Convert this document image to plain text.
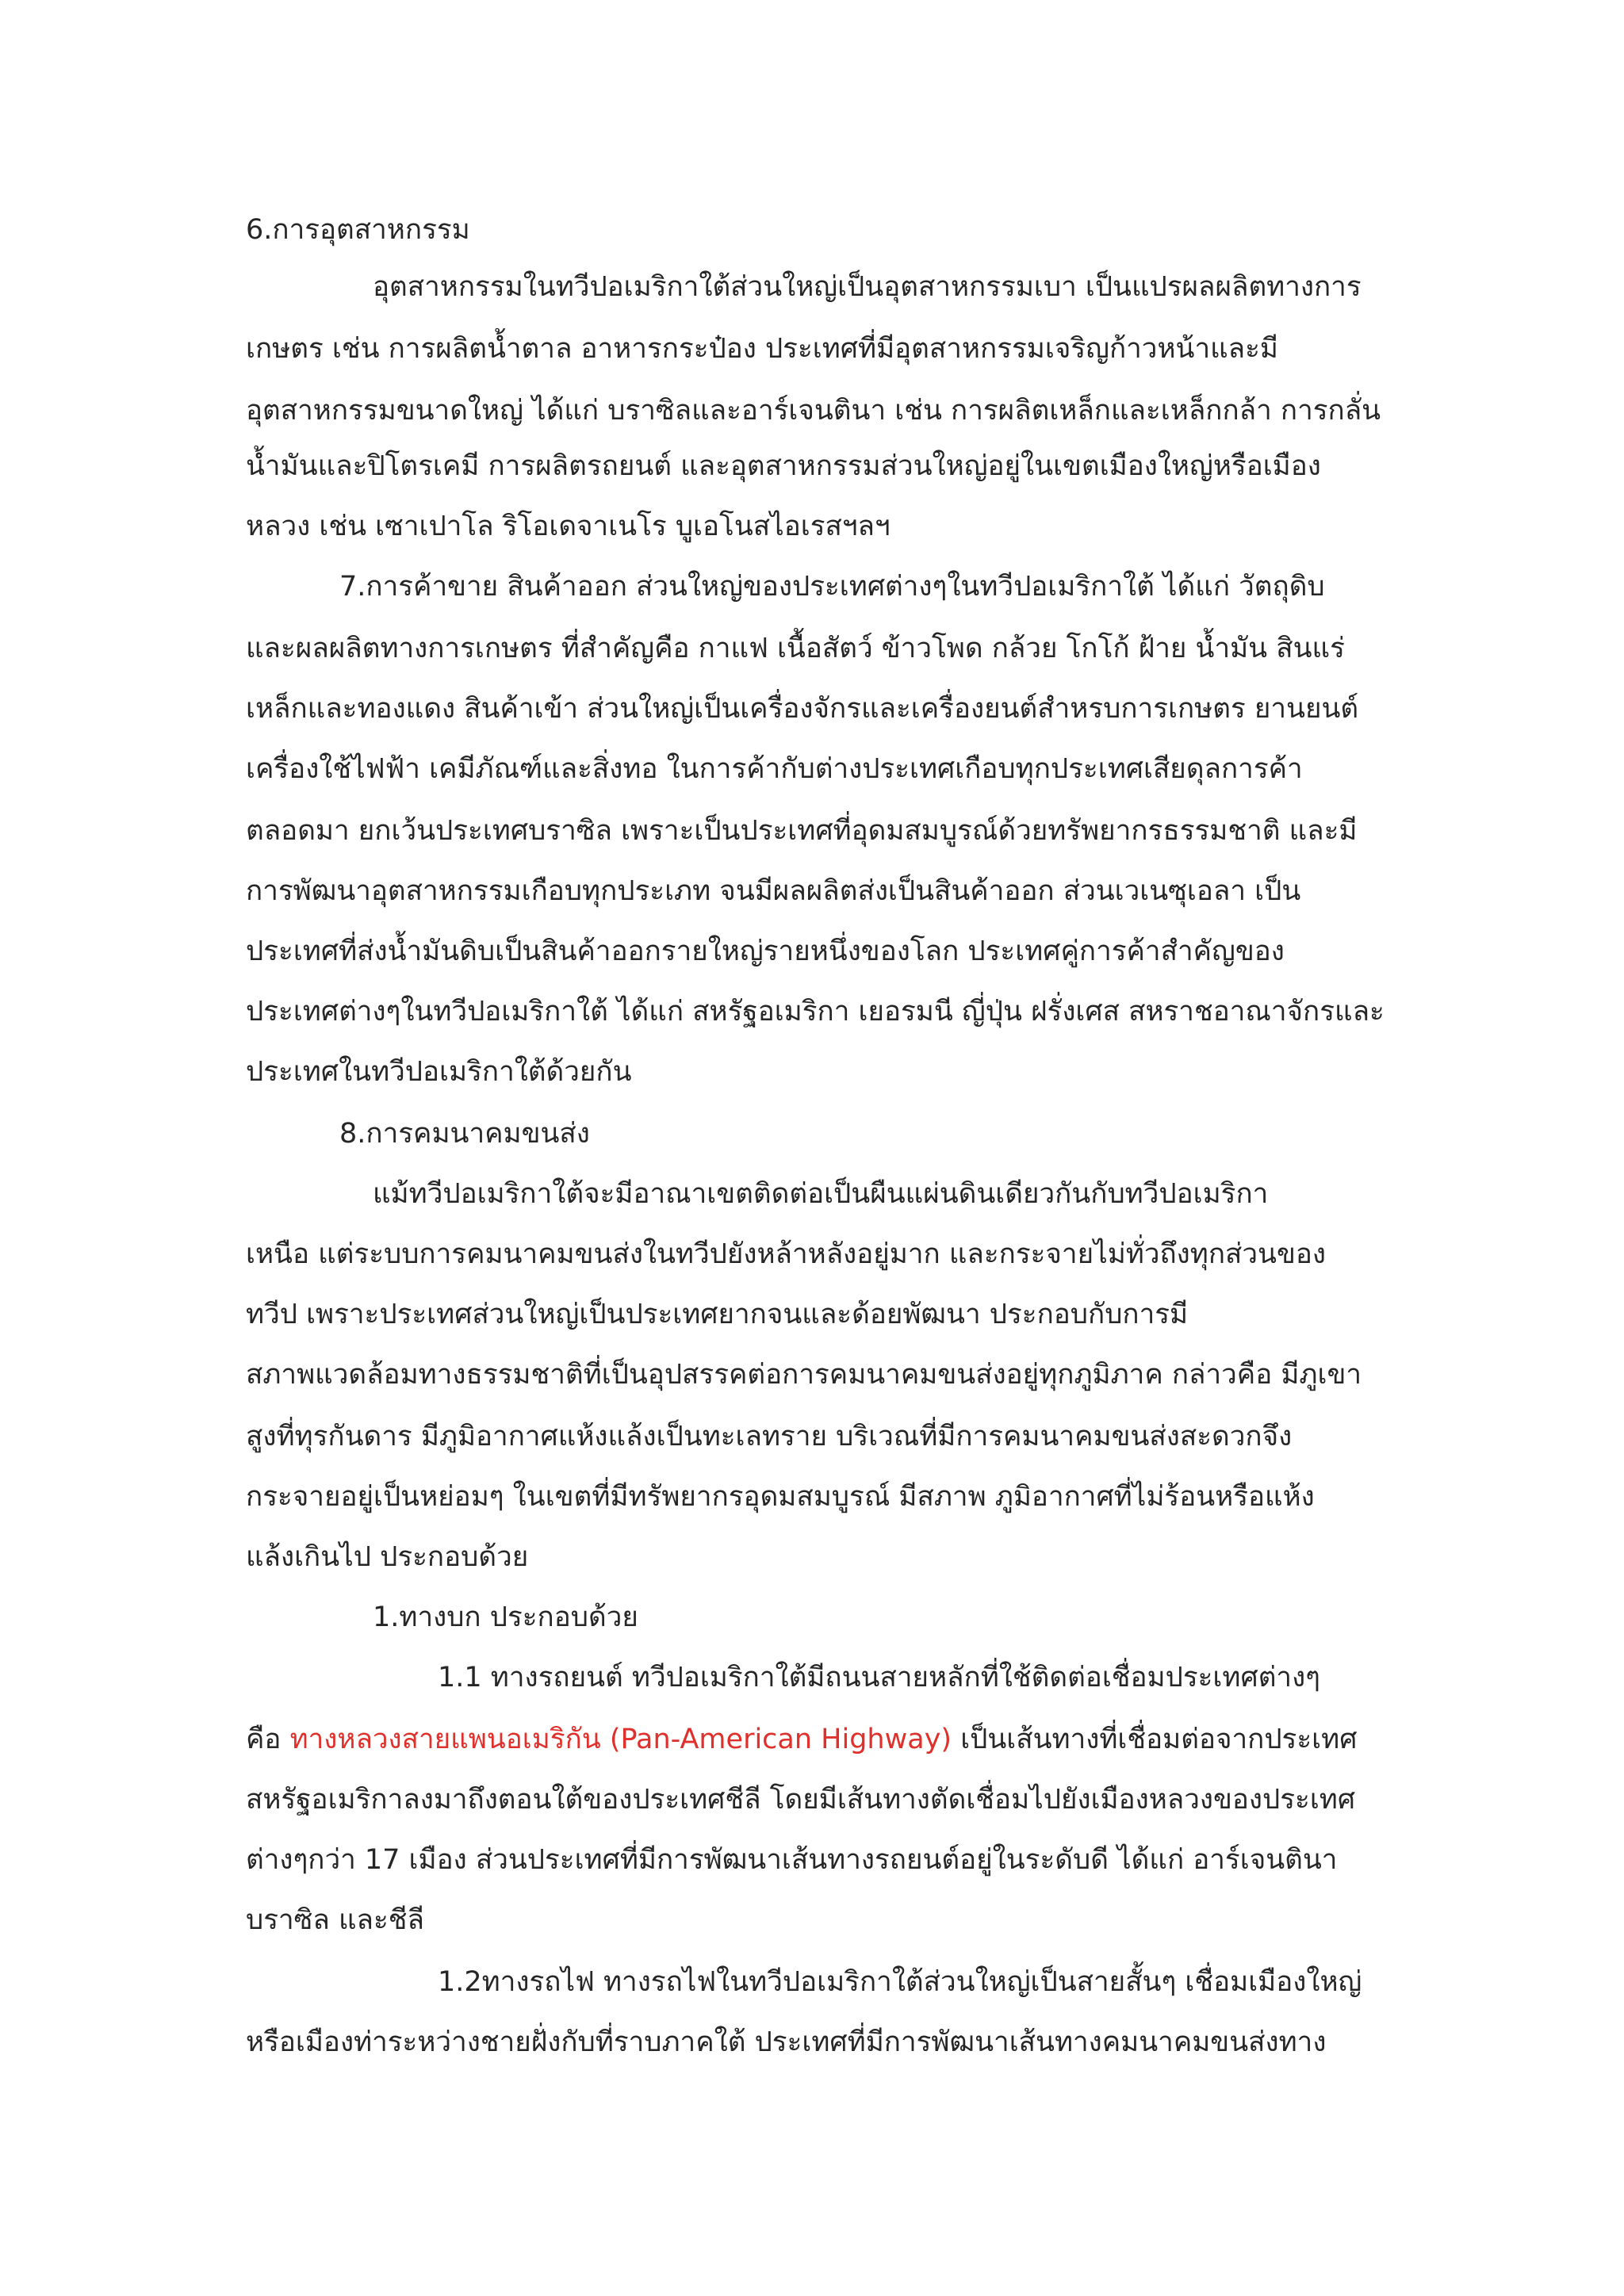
6.การอุตสาหกรรม
อุตสาหกรรมในทวีปอเมริกาใต้ส่วนใหญ่เป็นอุตสาหกรรมเบา เป็นแปรผลผลิตทางการ
เกษตร เช่น การผลิตน้ำตาล อาหารกระป๋อง ประเทศที่มีอุตสาหกรรมเจริญก้าวหน้าและมี
อุตสาหกรรมขนาดใหญ่ ได้แก่ บราซิลและอาร์เจนตินา เช่น การผลิตเหล็กและเหล็กกล้า การกลั่น
น้ำมันและปิโตรเคมี การผลิตรถยนต์ และอุตสาหกรรมส่วนใหญ่อยู่ในเขตเมืองใหญ่หรือเมือง
หลวง เช่น เซาเปาโล ริโอเดจาเนโร บูเอโนสไอเรสฯลฯ
7.การค้าขาย สินค้าออก ส่วนใหญ่ของประเทศต่างๆในทวีปอเมริกาใต้ ได้แก่ วัตถุดิบ
และผลผลิตทางการเกษตร ที่สำคัญคือ กาแฟ เนื้อสัตว์ ข้าวโพด กล้วย โกโก้ ฝ้าย น้ำมัน สินแร่
เหล็กและทองแดง สินค้าเข้า ส่วนใหญ่เป็นเครื่องจักรและเครื่องยนต์สำหรบการเกษตร ยานยนต์
เครื่องใช้ไฟฟ้า เคมีภัณฑ์และสิ่งทอ ในการค้ากับต่างประเทศเกือบทุกประเทศเสียดุลการค้า
ตลอดมา ยกเว้นประเทศบราซิล เพราะเป็นประเทศที่อุดมสมบูรณ์ด้วยทรัพยากรธรรมชาติ และมี
การพัฒนาอุตสาหกรรมเกือบทุกประเภท จนมีผลผลิตส่งเป็นสินค้าออก ส่วนเวเนซุเอลา เป็น
ประเทศที่ส่งน้ำมันดิบเป็นสินค้าออกรายใหญ่รายหนึ่งของโลก ประเทศคู่การค้าสำคัญของ
ประเทศต่างๆในทวีปอเมริกาใต้ ได้แก่ สหรัฐอเมริกา เยอรมนี ญี่ปุ่น ฝรั่งเศส สหราชอาณาจักรและ
ประเทศในทวีปอเมริกาใต้ด้วยกัน
8.การคมนาคมขนส่ง
แม้ทวีปอเมริกาใต้จะมีอาณาเขตติดต่อเป็นผืนแผ่นดินเดียวกันกับทวีปอเมริกา
เหนือ แต่ระบบการคมนาคมขนส่งในทวีปยังหล้าหลังอยู่มาก และกระจายไม่ทั่วถึงทุกส่วนของ
ทวีป เพราะประเทศส่วนใหญ่เป็นประเทศยากจนและด้อยพัฒนา ประกอบกับการมี
สภาพแวดล้อมทางธรรมชาติที่เป็นอุปสรรคต่อการคมนาคมขนส่งอยู่ทุกภูมิภาค กล่าวคือ มีภูเขา
สูงที่ทุรกันดาร มีภูมิอากาศแห้งแล้งเป็นทะเลทราย บริเวณที่มีการคมนาคมขนส่งสะดวกจึง
กระจายอยู่เป็นหย่อมๆ ในเขตที่มีทรัพยากรอุดมสมบูรณ์ มีสภาพ ภูมิอากาศที่ไม่ร้อนหรือแห้ง
แล้งเกินไป ประกอบด้วย
1.ทางบก ประกอบด้วย
1.1 ทางรถยนต์ ทวีปอเมริกาใต้มีถนนสายหลักที่ใช้ติดต่อเชื่อมประเทศต่างๆ
คือ ทางหลวงสายแพนอเมริกัน (Pan-American Highway) เป็นเส้นทางที่เชื่อมต่อจากประเทศ
สหรัฐอเมริกาลงมาถึงตอนใต้ของประเทศชีลี โดยมีเส้นทางตัดเชื่อมไปยังเมืองหลวงของประเทศ
ต่างๆกว่า 17 เมือง ส่วนประเทศที่มีการพัฒนาเส้นทางรถยนต์อยู่ในระดับดี ได้แก่ อาร์เจนตินา
บราซิล และชีลี
1.2ทางรถไฟ ทางรถไฟในทวีปอเมริกาใต้ส่วนใหญ่เป็นสายสั้นๆ เชื่อมเมืองใหญ่
หรือเมืองท่าระหว่างชายฝั่งกับที่ราบภาคใต้ ประเทศที่มีการพัฒนาเส้นทางคมนาคมขนส่งทาง
